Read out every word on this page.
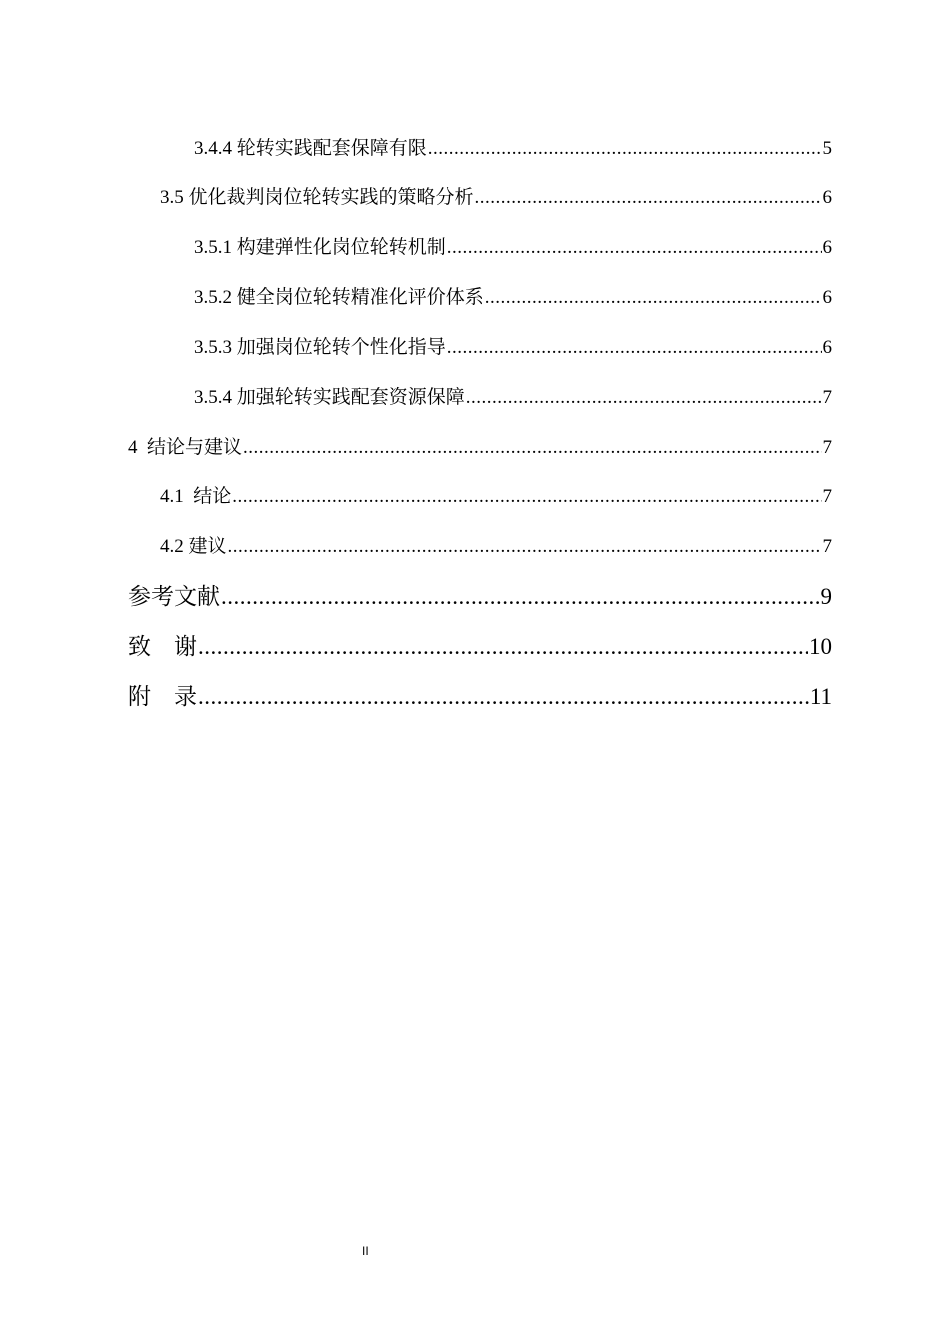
3.4.4 轮转实践配套保障有限 .....	5
3.5 优化裁判岗位轮转实践的策略分析 .....	6
3.5.1 构建弹性化岗位轮转机制 .....	6
3.5.2 健全岗位轮转精准化评价体系 .....	6
3.5.3 加强岗位轮转个性化指导 .....	6
3.5.4 加强轮转实践配套资源保障 .....	7
4  结论与建议 .....	7
4.1  结论 .....	7
4.2 建议 .....	7
参考文献 .....	9
致    谢 .....	10
附    录 .....	11
II
